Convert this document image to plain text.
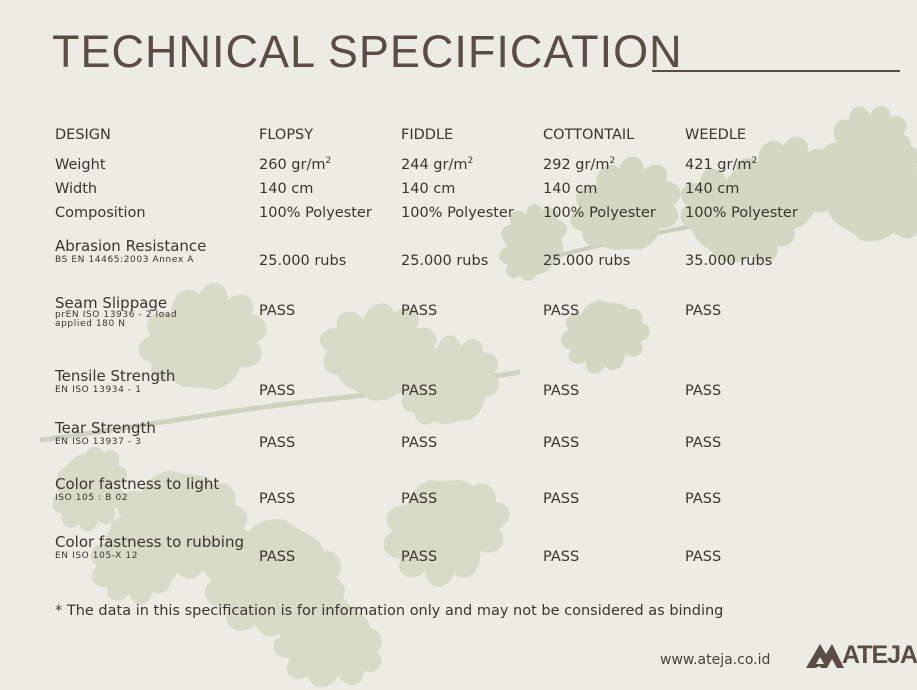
TECHNICAL SPECIFICATION
DESIGN	FLOPSY	FIDDLE	COTTONTAIL	WEEDLE
Weight	260 $gr/m^2$	244 $gr/m^2$	292 $gr/m^2$	421 $gr/m^2$
Width	140 cm	140 cm	140 cm	140 cm
Composition	100% Polyester	100% Polyester	100% Polyester	100% Polyester

Abrasion Resistance
BS EN 14465:2003 Annex A	25.000 rubs	25.000 rubs	25.000 rubs	35.000 rubs

Seam Slippage
prEN ISO 13936 - 2 load
applied 180 N	PASS	PASS	PASS	PASS

Tensile Strength
EN ISO 13934 - 1	PASS	PASS	PASS	PASS

Tear Strength
EN ISO 13937 - 3	PASS	PASS	PASS	PASS

Color fastness to light
ISO 105 : B 02	PASS	PASS	PASS	PASS

Color fastness to rubbing
EN ISO 105-X 12	PASS	PASS	PASS	PASS

* The data in this specification is for information only and may not be considered as binding

www.ateja.co.id	ATEJA
